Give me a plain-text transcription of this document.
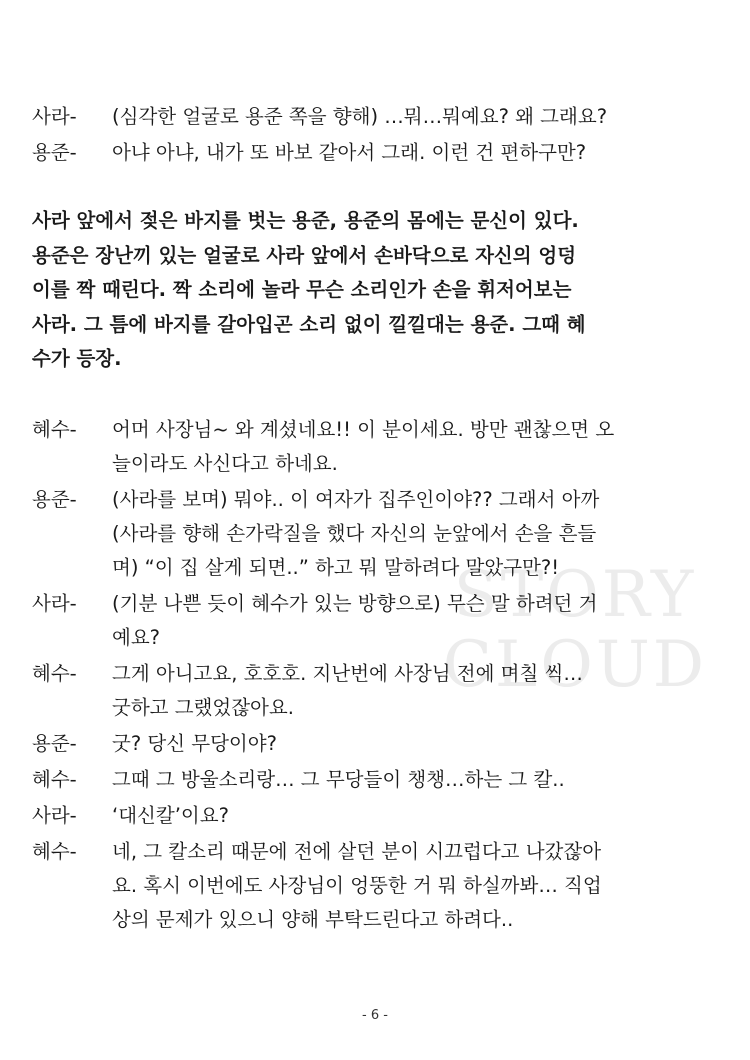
STORY
CLOUD
사라-	(심각한 얼굴로 용준 쪽을 향해) …뭐…뭐예요? 왜 그래요?
용준-	아냐 아냐, 내가 또 바보 같아서 그래. 이런 건 편하구만?
사라 앞에서 젖은 바지를 벗는 용준, 용준의 몸에는 문신이 있다.
용준은 장난끼 있는 얼굴로 사라 앞에서 손바닥으로 자신의 엉덩
이를 짝 때린다. 짝 소리에 놀라 무슨 소리인가 손을 휘저어보는
사라. 그 틈에 바지를 갈아입곤 소리 없이 낄낄대는 용준. 그때 혜
수가 등장.
혜수-	어머 사장님~ 와 계셨네요!! 이 분이세요. 방만 괜찮으면 오
늘이라도 사신다고 하네요.
용준-	(사라를 보며) 뭐야.. 이 여자가 집주인이야?? 그래서 아까
(사라를 향해 손가락질을 했다 자신의 눈앞에서 손을 흔들
며) “이 집 살게 되면..” 하고 뭐 말하려다 말았구만?!
사라-	(기분 나쁜 듯이 혜수가 있는 방향으로) 무슨 말 하려던 거
예요?
혜수-	그게 아니고요, 호호호. 지난번에 사장님 전에 며칠 씩…
굿하고 그랬었잖아요.
용준-	굿? 당신 무당이야?
혜수-	그때 그 방울소리랑… 그 무당들이 챙챙…하는 그 칼..
사라-	‘대신칼’이요?
혜수-	네, 그 칼소리 때문에 전에 살던 분이 시끄럽다고 나갔잖아
요. 혹시 이번에도 사장님이 엉뚱한 거 뭐 하실까봐… 직업
상의 문제가 있으니 양해 부탁드린다고 하려다..
- 6 -
